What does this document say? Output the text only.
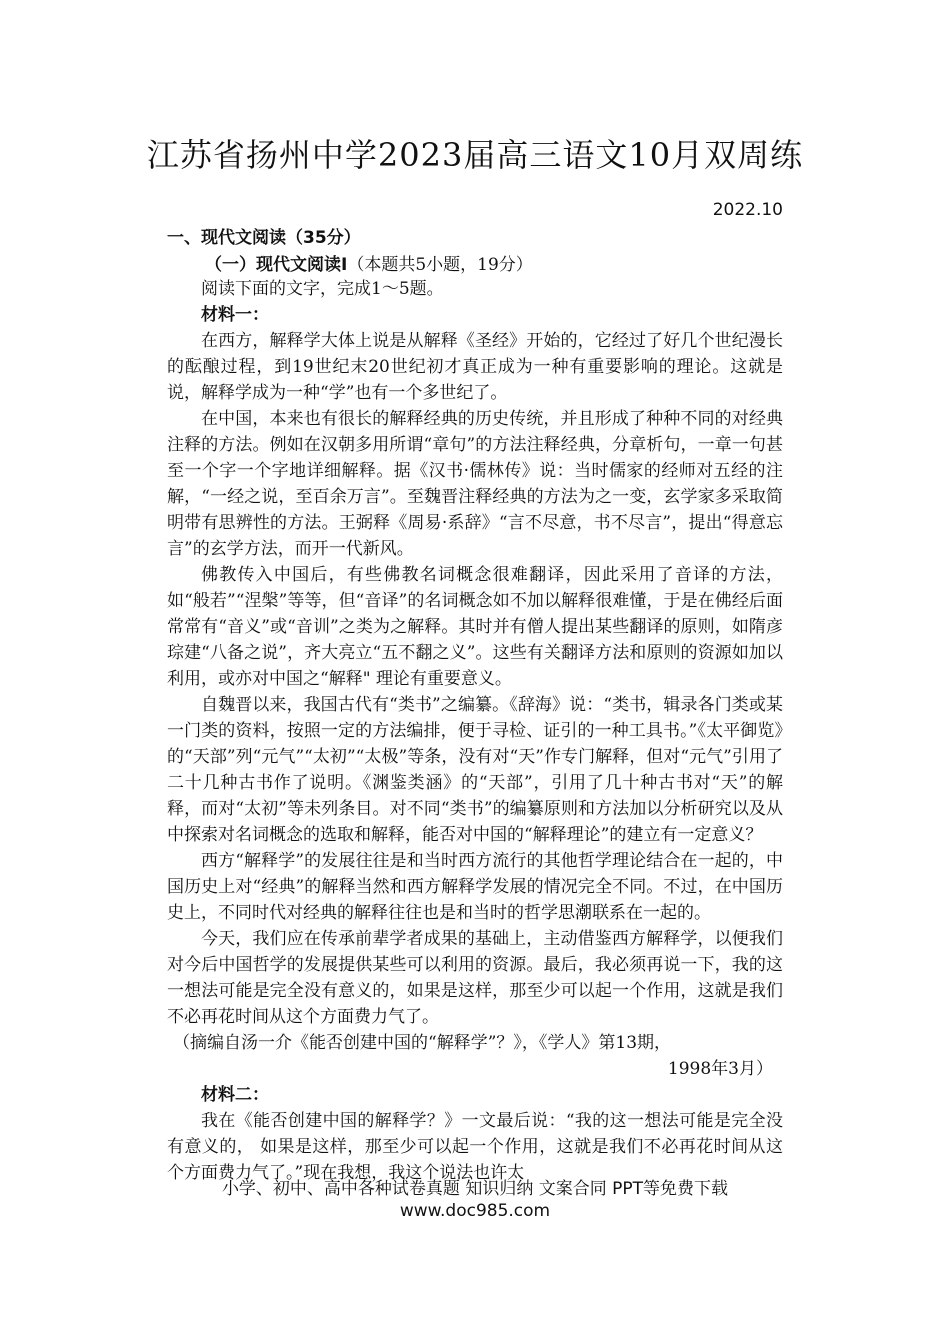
江苏省扬州中学2023届高三语文10月双周练
2022.10
一、现代文阅读（35分）
（一）现代文阅读Ⅰ（本题共5小题，19分）

阅读下面的文字，完成1～5题。

材料一：

在西方，解释学大体上说是从解释《圣经》开始的，它经过了好几个世纪漫长的酝酿过程，到19世纪末20世纪初才真正成为一种有重要影响的理论。这就是说，解释学成为一种“学”也有一个多世纪了。

在中国，本来也有很长的解释经典的历史传统，并且形成了种种不同的对经典注释的方法。例如在汉朝多用所谓“章句”的方法注释经典，分章析句，一章一句甚至一个字一个字地详细解释。据《汉书·儒林传》说：当时儒家的经师对五经的注解，“一经之说，至百余万言”。至魏晋注释经典的方法为之一变，玄学家多采取简明带有思辨性的方法。王弼释《周易·系辞》“言不尽意，书不尽言”，提出“得意忘言”的玄学方法，而开一代新风。

佛教传入中国后，有些佛教名词概念很难翻译，因此采用了音译的方法，如“般若”“涅槃”等等，但“音译”的名词概念如不加以解释很难懂，于是在佛经后面常常有“音义”或“音训”之类为之解释。其时并有僧人提出某些翻译的原则，如隋彦琮建“八备之说”，齐大亮立“五不翻之义”。这些有关翻译方法和原则的资源如加以利用，或亦对中国之“解释" 理论有重要意义。

自魏晋以来，我国古代有“类书”之编纂。《辞海》说：“类书，辑录各门类或某一门类的资料，按照一定的方法编排，便于寻检、证引的一种工具书。”《太平御览》的“天部”列“元气”“太初”“太极”等条，没有对“天”作专门解释，但对“元气”引用了二十几种古书作了说明。《渊鉴类涵》的“天部”，引用了几十种古书对“天”的解释，而对“太初”等未列条目。对不同“类书”的编纂原则和方法加以分析研究以及从中探索对名词概念的选取和解释，能否对中国的“解释理论”的建立有一定意义？

西方“解释学”的发展往往是和当时西方流行的其他哲学理论结合在一起的，中国历史上对“经典”的解释当然和西方解释学发展的情况完全不同。不过，在中国历史上，不同时代对经典的解释往往也是和当时的哲学思潮联系在一起的。

今天，我们应在传承前辈学者成果的基础上，主动借鉴西方解释学，以便我们对今后中国哲学的发展提供某些可以利用的资源。最后，我必须再说一下，我的这一想法可能是完全没有意义的，如果是这样，那至少可以起一个作用，这就是我们不必再花时间从这个方面费力气了。

（摘编自汤一介《能否创建中国的“解释学”？》，《学人》第13期，

1998年3月）

材料二：

我在《能否创建中国的解释学？》一文最后说：“我的这一想法可能是完全没有意义的， 如果是这样，那至少可以起一个作用，这就是我们不必再花时间从这个方面费力气了。”现在我想，我这个说法也许太

小学、初中、高中各种试卷真题 知识归纳 文案合同 PPT等免费下载
www.doc985.com
